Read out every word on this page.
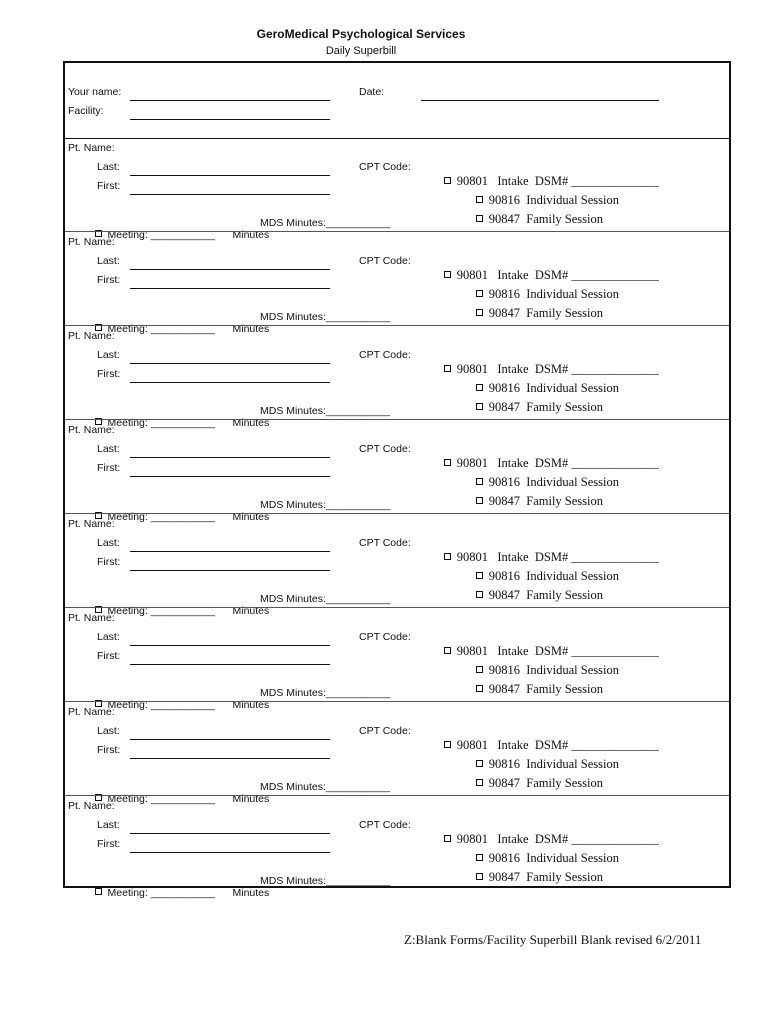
GeroMedical Psychological Services
Daily Superbill
Your name:
Facility:
Date:
Pt. Name:
Last:
First:
CPT Code:

90801 Intake  DSM# ______________

90816 Individual Session

90847 Family Session

Meeting: ___________ Minutes

MDS Minutes:___________
Pt. Name:
Last:
First:
CPT Code:

90801 Intake  DSM# ______________

90816 Individual Session

90847 Family Session

Meeting: ___________ Minutes

MDS Minutes:___________
Pt. Name:
Last:
First:
CPT Code:

90801 Intake  DSM# ______________

90816 Individual Session

90847 Family Session

Meeting: ___________ Minutes

MDS Minutes:___________
Pt. Name:
Last:
First:
CPT Code:

90801 Intake  DSM# ______________

90816 Individual Session

90847 Family Session

Meeting: ___________ Minutes

MDS Minutes:___________
Pt. Name:
Last:
First:
CPT Code:

90801 Intake  DSM# ______________

90816 Individual Session

90847 Family Session

Meeting: ___________ Minutes

MDS Minutes:___________
Pt. Name:
Last:
First:
CPT Code:

90801 Intake  DSM# ______________

90816 Individual Session

90847 Family Session

Meeting: ___________ Minutes

MDS Minutes:___________
Pt. Name:
Last:
First:
CPT Code:

90801 Intake  DSM# ______________

90816 Individual Session

90847 Family Session

Meeting: ___________ Minutes

MDS Minutes:___________
Pt. Name:
Last:
First:
CPT Code:

90801 Intake  DSM# ______________

90816 Individual Session

90847 Family Session

Meeting: ___________ Minutes

MDS Minutes:___________
Z:Blank Forms/Facility Superbill Blank revised 6/2/2011
